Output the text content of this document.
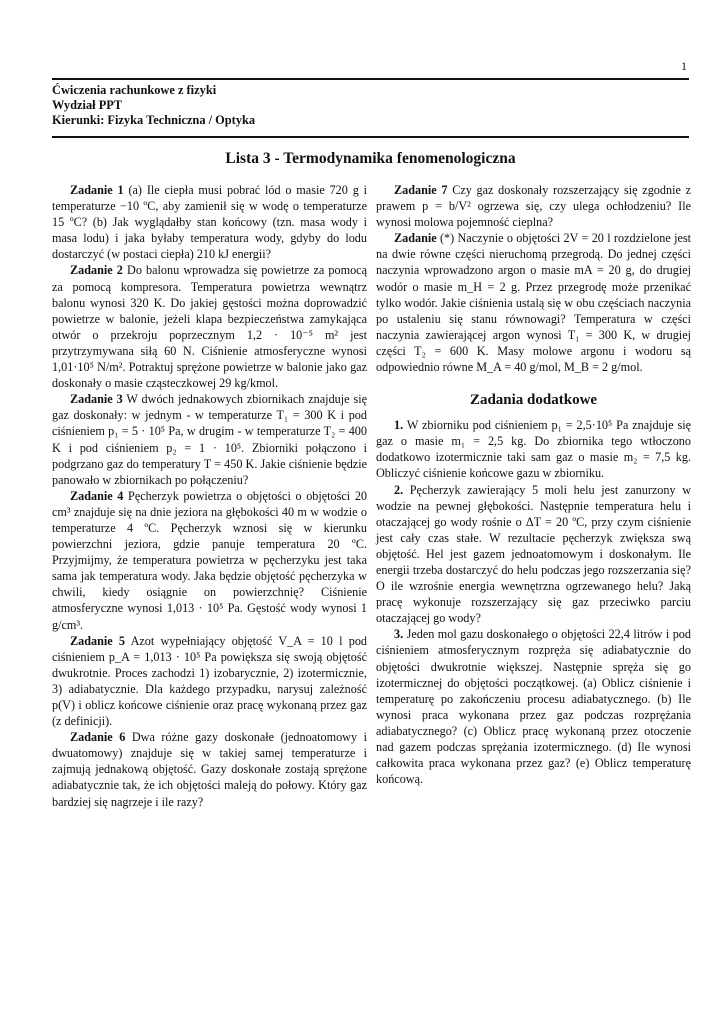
1
Ćwiczenia rachunkowe z fizyki
Wydział PPT
Kierunki: Fizyka Techniczna / Optyka
Lista 3 - Termodynamika fenomenologiczna

Zadanie 1 (a) Ile ciepła musi pobrać lód o masie 720 g i temperaturze −10 ºC, aby zamienił się w wodę o temperaturze 15 ºC? (b) Jak wyglądałby stan końcowy (tzn. masa wody i masa lodu) i jaka byłaby temperatura wody, gdyby do lodu dostarczyć (w postaci ciepła) 210 kJ energii?

Zadanie 2 Do balonu wprowadza się powietrze za pomocą za pomocą kompresora. Temperatura powietrza wewnątrz balonu wynosi 320 K. Do jakiej gęstości można doprowadzić powietrze w balonie, jeżeli klapa bezpieczeństwa zamykająca otwór o przekroju poprzecznym 1,2 · 10⁻⁵ m² jest przytrzymywana siłą 60 N. Ciśnienie atmosferyczne wynosi 1,01·10⁵ N/m². Potraktuj sprężone powietrze w balonie jako gaz doskonały o masie cząsteczkowej 29 kg/kmol.

Zadanie 3 W dwóch jednakowych zbiornikach znajduje się gaz doskonały: w jednym - w temperaturze T₁ = 300 K i pod ciśnieniem p₁ = 5 · 10⁵ Pa, w drugim - w temperaturze T₂ = 400 K i pod ciśnieniem p₂ = 1 · 10⁵. Zbiorniki połączono i podgrzano gaz do temperatury T = 450 K. Jakie ciśnienie będzie panowało w zbiornikach po połączeniu?

Zadanie 4 Pęcherzyk powietrza o objętości o objętości 20 cm³ znajduje się na dnie jeziora na głębokości 40 m w wodzie o temperaturze 4 ºC. Pęcherzyk wznosi się w kierunku powierzchni jeziora, gdzie panuje temperatura 20 ºC. Przyjmijmy, że temperatura powietrza w pęcherzyku jest taka sama jak temperatura wody. Jaka będzie objętość pęcherzyka w chwili, kiedy osiągnie on powierzchnię? Ciśnienie atmosferyczne wynosi 1,013 · 10⁵ Pa. Gęstość wody wynosi 1 g/cm³.

Zadanie 5 Azot wypełniający objętość V_A = 10 l pod ciśnieniem p_A = 1,013 · 10⁵ Pa powiększa się swoją objętość dwukrotnie. Proces zachodzi 1) izobarycznie, 2) izotermicznie, 3) adiabatycznie. Dla każdego przypadku, narysuj zależność p(V) i oblicz końcowe ciśnienie oraz pracę wykonaną przez gaz (z definicji).

Zadanie 6 Dwa różne gazy doskonałe (jednoatomowy i dwuatomowy) znajduje się w takiej samej temperaturze i zajmują jednakową objętość. Gazy doskonałe zostają sprężone adiabatycznie tak, że ich objętości maleją do połowy. Który gaz bardziej się nagrzeje i ile razy?

Zadanie 7 Czy gaz doskonały rozszerzający się zgodnie z prawem p = b/V² ogrzewa się, czy ulega ochłodzeniu? Ile wynosi molowa pojemność cieplna?

Zadanie (*) Naczynie o objętości 2V = 20 l rozdzielone jest na dwie równe części nieruchomą przegrodą. Do jednej części naczynia wprowadzono argon o masie mA = 20 g, do drugiej wodór o masie m_H = 2 g. Przez przegrodę może przenikać tylko wodór. Jakie ciśnienia ustalą się w obu częściach naczynia po ustaleniu się stanu równowagi? Temperatura w części naczynia zawierającej argon wynosi T₁ = 300 K, w drugiej części T₂ = 600 K. Masy molowe argonu i wodoru są odpowiednio równe M_A = 40 g/mol, M_B = 2 g/mol.

Zadania dodatkowe

1. W zbiorniku pod ciśnieniem p₁ = 2,5·10⁵ Pa znajduje się gaz o masie m₁ = 2,5 kg. Do zbiornika tego wtłoczono dodatkowo izotermicznie taki sam gaz o masie m₂ = 7,5 kg. Obliczyć ciśnienie końcowe gazu w zbiorniku.

2. Pęcherzyk zawierający 5 moli helu jest zanurzony w wodzie na pewnej głębokości. Następnie temperatura helu i otaczającej go wody rośnie o ΔT = 20 ºC, przy czym ciśnienie jest cały czas stałe. W rezultacie pęcherzyk zwiększa swą objętość. Hel jest gazem jednoatomowym i doskonałym. Ile energii trzeba dostarczyć do helu podczas jego rozszerzania się? O ile wzrośnie energia wewnętrzna ogrzewanego helu? Jaką pracę wykonuje rozszerzający się gaz przeciwko parciu otaczającej go wody?

3. Jeden mol gazu doskonałego o objętości 22,4 litrów i pod ciśnieniem atmosferycznym rozpręża się adiabatycznie do objętości dwukrotnie większej. Następnie spręża się go izotermicznej do objętości początkowej. (a) Oblicz ciśnienie i temperaturę po zakończeniu procesu adiabatycznego. (b) Ile wynosi praca wykonana przez gaz podczas rozprężania adiabatycznego? (c) Oblicz pracę wykonaną przez otoczenie nad gazem podczas sprężania izotermicznego. (d) Ile wynosi całkowita praca wykonana przez gaz? (e) Oblicz temperaturę końcową.
